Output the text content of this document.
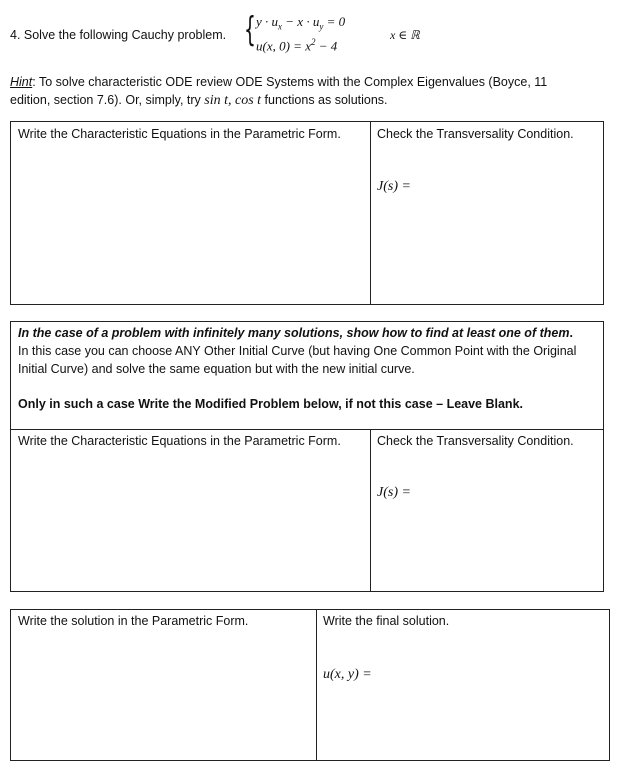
4. Solve the following Cauchy problem. { $y \cdot u_x - x \cdot u_y = 0$
u(x, $0) = x^2 - 4$
x ∈ ℝ
Hint: To solve characteristic ODE review ODE Systems with the Complex Eigenvalues (Boyce, 11
edition, section 7.6). Or, simply, try sin t, cos t functions as solutions.
Write the Characteristic Equations in the Parametric Form.	Check the Transversality Condition.
J(s) =
In the case of a problem with infinitely many solutions, show how to find at least one of them.
In this case you can choose ANY Other Initial Curve (but having One Common Point with the Original Initial Curve) and solve the same equation but with the new initial curve.
Only in such a case Write the Modified Problem below, if not this case – Leave Blank.
Write the Characteristic Equations in the Parametric Form.	Check the Transversality Condition.
J(s) =
Write the solution in the Parametric Form.	Write the final solution.
u(x, y) =
